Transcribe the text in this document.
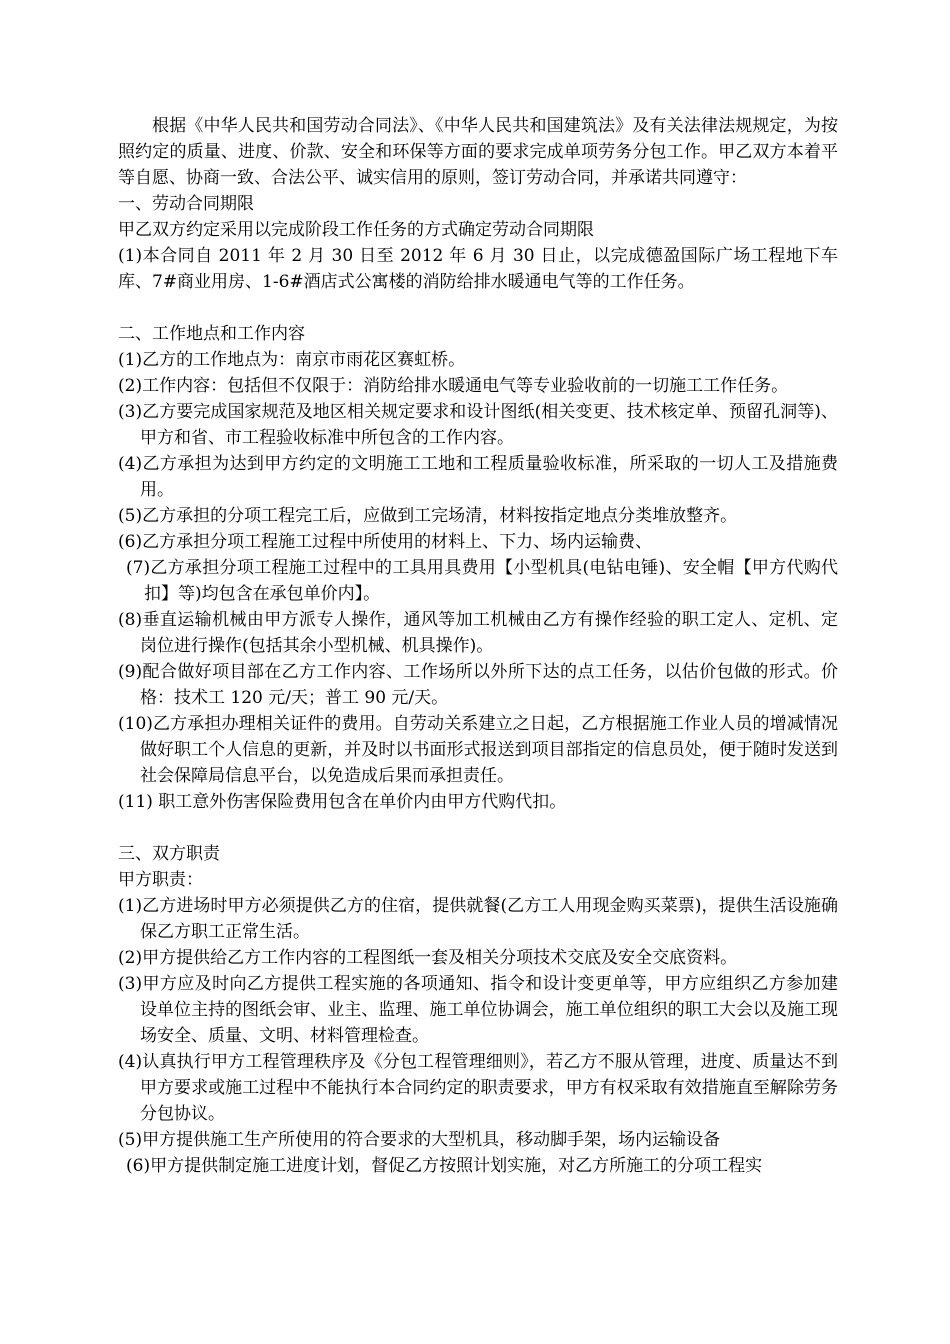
根据《中华人民共和国劳动合同法》、《中华人民共和国建筑法》及有关法律法规规定，为按照约定的质量、进度、价款、安全和环保等方面的要求完成单项劳务分包工作。甲乙双方本着平等自愿、协商一致、合法公平、诚实信用的原则，签订劳动合同，并承诺共同遵守：

一、劳动合同期限

甲乙双方约定采用以完成阶段工作任务的方式确定劳动合同期限

(1)本合同自 2011 年 2 月 30 日至 2012 年 6 月 30 日止，以完成德盈国际广场工程地下车库、7#商业用房、1-6#酒店式公寓楼的消防给排水暖通电气等的工作任务。

二、工作地点和工作内容

(1)乙方的工作地点为：南京市雨花区赛虹桥。

(2)工作内容：包括但不仅限于：消防给排水暖通电气等专业验收前的一切施工工作任务。

(3)乙方要完成国家规范及地区相关规定要求和设计图纸(相关变更、技术核定单、预留孔洞等)、甲方和省、市工程验收标准中所包含的工作内容。

(4)乙方承担为达到甲方约定的文明施工工地和工程质量验收标准，所采取的一切人工及措施费用。

(5)乙方承担的分项工程完工后，应做到工完场清，材料按指定地点分类堆放整齐。

(6)乙方承担分项工程施工过程中所使用的材料上、下力、场内运输费、

(7)乙方承担分项工程施工过程中的工具用具费用【小型机具(电钻电锤)、安全帽【甲方代购代扣】等)均包含在承包单价内】。

(8)垂直运输机械由甲方派专人操作，通风等加工机械由乙方有操作经验的职工定人、定机、定岗位进行操作(包括其余小型机械、机具操作)。

(9)配合做好项目部在乙方工作内容、工作场所以外所下达的点工任务，以估价包做的形式。价格：技术工 120 元/天；普工 90 元/天。

(10)乙方承担办理相关证件的费用。自劳动关系建立之日起，乙方根据施工作业人员的增减情况做好职工个人信息的更新，并及时以书面形式报送到项目部指定的信息员处，便于随时发送到社会保障局信息平台，以免造成后果而承担责任。

(11) 职工意外伤害保险费用包含在单价内由甲方代购代扣。

三、双方职责

甲方职责：

(1)乙方进场时甲方必须提供乙方的住宿，提供就餐(乙方工人用现金购买菜票)，提供生活设施确保乙方职工正常生活。

(2)甲方提供给乙方工作内容的工程图纸一套及相关分项技术交底及安全交底资料。

(3)甲方应及时向乙方提供工程实施的各项通知、指令和设计变更单等，甲方应组织乙方参加建设单位主持的图纸会审、业主、监理、施工单位协调会，施工单位组织的职工大会以及施工现场安全、质量、文明、材料管理检查。

(4)认真执行甲方工程管理秩序及《分包工程管理细则》，若乙方不服从管理，进度、质量达不到甲方要求或施工过程中不能执行本合同约定的职责要求，甲方有权采取有效措施直至解除劳务分包协议。

(5)甲方提供施工生产所使用的符合要求的大型机具，移动脚手架，场内运输设备

(6)甲方提供制定施工进度计划，督促乙方按照计划实施，对乙方所施工的分项工程实
